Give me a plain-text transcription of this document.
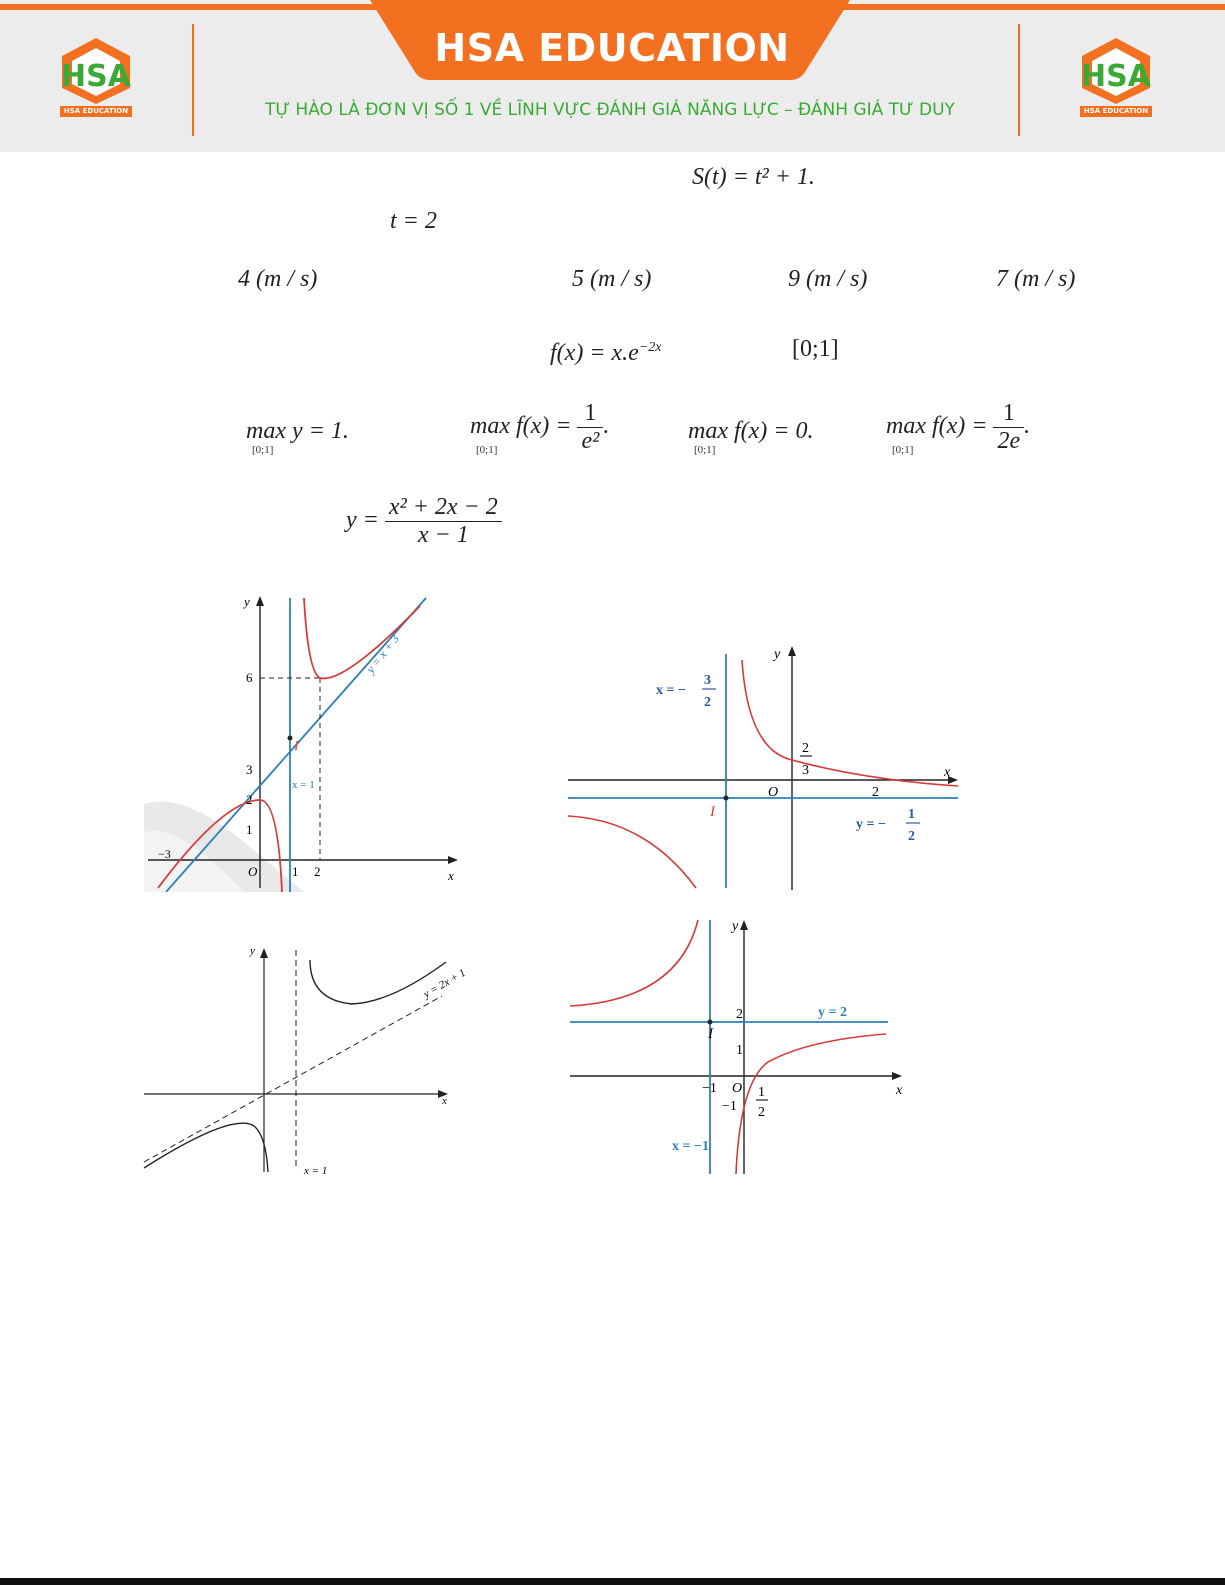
HSA EDUCATION
TỰ HÀO LÀ ĐƠN VỊ SỐ 1 VỀ LĨNH VỰC ĐÁNH GIÁ NĂNG LỰC – ĐÁNH GIÁ TƯ DUY
HSA
HSA EDUCATION
HSA
HSA EDUCATION
S(t) = t² + 1.
t = 2
4 (m / s)	5 (m / s)	9 (m / s)	7 (m / s)
$f(x) = x.e^{-2x}$	[0;1]
max y = 1.
[0;1]
$\max f(x) = \frac{1}{\text{e²}}$ .
[0;1]
max f(x) = 0.
[0;1]
$\max f(x) = \frac{1}{2e}$ .
[0;1]
$y = \frac{\text{x² + 2x − 2}}{x - 1}$
y
x
O
6
3
2
1
−3
1 2
I
x = 1
y = x + 3	y
x
O	2
2
3
I
x = −
3
2
y = −
1
2
y
x
y = 2x + 1
x = 1
y
x
O
2
1
−1
−1
1
2
I
y = 2
x = −1
